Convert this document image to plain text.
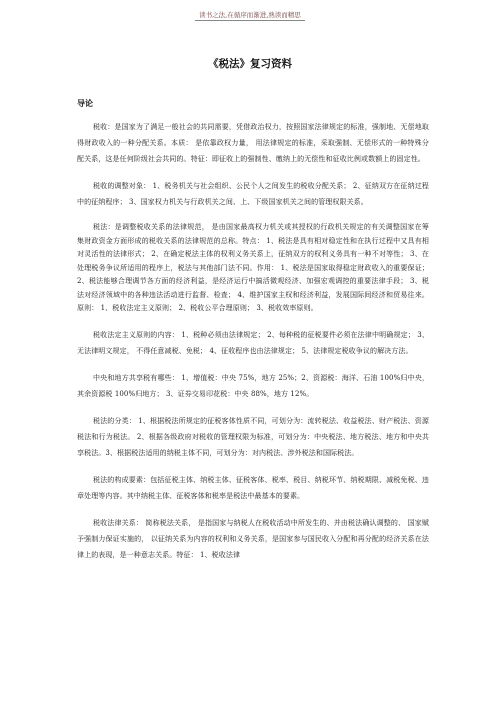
读书之法,在循序而渐进,熟读而精思
《税法》复习资料
导论

税收：是国家为了满足一般社会的共同需要，凭借政治权力，按照国家法律规定的标准，强制地、无偿地取得财政收入的一种分配关系。本质： 是依靠政权力量， 用法律规定的标准，采取强制、无偿形式的一种特殊分配关系，这是任何阶级社会共同的。特征：即征收上的强制性、缴纳上的无偿性和征收比例或数额上的固定性。

税收的调整对象： 1、税务机关与社会组织、公民个人之间发生的税收分配关系； 2、征纳双方在征纳过程中的征纳程序； 3、国家权力机关与行政机关之间、上、下级国家机关之间的管理权限关系。

税法：是调整税收关系的法律规范， 是由国家最高权力机关或其授权的行政机关规定的有关调整国家在筹集财政资金方面形成的税收关系的法律规范的总称。特点： 1、税法是具有相对稳定性和在执行过程中又具有相对灵活性的法律形式； 2、在确定税法主体的权利义务关系上，征纳双方的权利义务具有一种不对等性； 3、在处理税务争议所适用的程序上，税法与其他部门法不同。作用： 1、税法是国家取得稳定财政收入的重要保证； 2、税法能够合理调节各方面的经济利益，是经济运行中搞活微观经济、加强宏观调控的重要法律手段； 3、税法对经济领域中的各种违法活动进行监督、检查； 4、维护国家主权和经济利益，发展国际间经济和贸易往来。原则： 1、税收法定主义原则； 2、税收公平合理原则； 3、税收效率原则。

税收法定主义原则的内容： 1、税种必须由法律规定； 2、每种税的征税要件必须在法律中明确规定； 3、无法律明文规定， 不得任意减税、免税； 4、征收程序也由法律规定； 5、法律规定税收争议的解决方法。

中央和地方共享税有哪些： 1、增值税：中央 75%，地方 25%；2、资源税：海洋、石油 100%归中央，其余资源税 100%归地方； 3、证券交易印花税：中央 88%，地方 12%。

税法的分类： 1、根据税法所规定的征税客体性质不同，可划分为：流转税法、收益税法、财产税法、资源税法和行为税法。 2、根据各级政府对税收的管理权限为标准，可划分为：中央税法、地方税法、地方和中央共享税法。3、根据税法适用的纳税主体不同，可划分为：对内税法、涉外税法和国际税法。

税法的构成要素：包括征税主体、纳税主体、征税客体、税率、税目、纳税环节、纳税期限、减税免税、违章处理等内容。其中纳税主体、征税客体和税率是税法中最基本的要素。

税收法律关系： 简称税法关系， 是指国家与纳税人在税收活动中所发生的、并由税法确认调整的、 国家赋予强制力保证实施的， 以征纳关系为内容的权利和义务关系，是国家参与国民收入分配和再分配的经济关系在法律上的表现，是一种意志关系。特征： 1、税收法律
